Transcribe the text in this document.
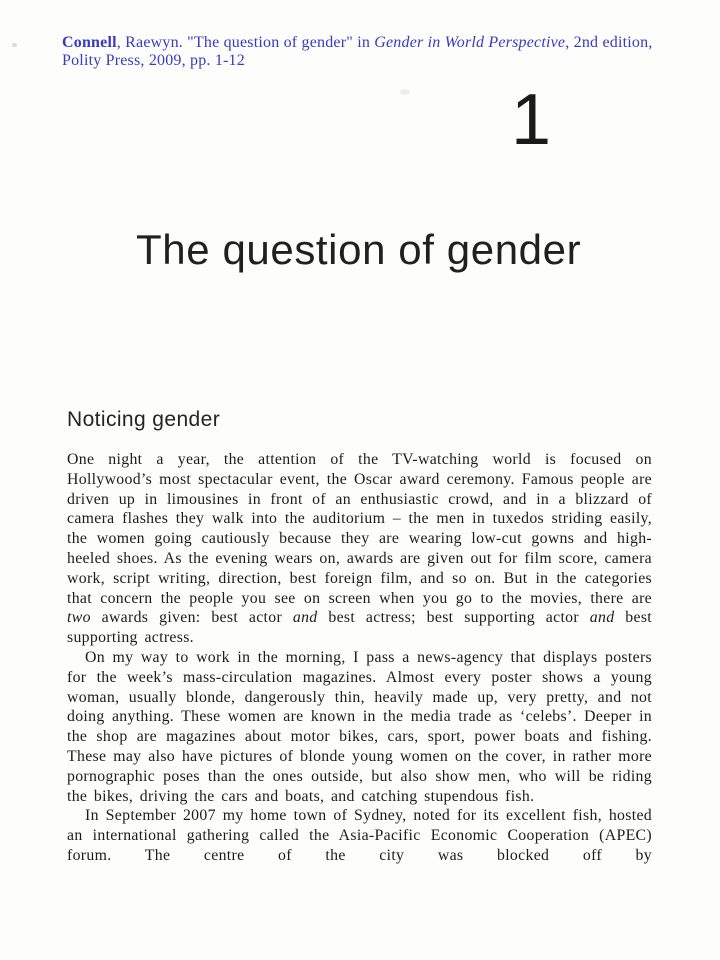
Connell, Raewyn. "The question of gender" in Gender in World Perspective, 2nd edition, Polity Press, 2009, pp. 1-12
1
The question of gender
Noticing gender

One night a year, the attention of the TV-watching world is focused on Hollywood’s most spectacular event, the Oscar award ceremony. Famous people are driven up in limousines in front of an enthusiastic crowd, and in a blizzard of camera flashes they walk into the auditorium – the men in tuxedos striding easily, the women going cautiously because they are wearing low-cut gowns and high-heeled shoes. As the evening wears on, awards are given out for film score, camera work, script writing, direction, best foreign film, and so on. But in the categories that concern the people you see on screen when you go to the movies, there are two awards given: best actor and best actress; best supporting actor and best supporting actress.

On my way to work in the morning, I pass a news-agency that displays posters for the week’s mass-circulation magazines. Almost every poster shows a young woman, usually blonde, dangerously thin, heavily made up, very pretty, and not doing anything. These women are known in the media trade as ‘celebs’. Deeper in the shop are magazines about motor bikes, cars, sport, power boats and fishing. These may also have pictures of blonde young women on the cover, in rather more pornographic poses than the ones outside, but also show men, who will be riding the bikes, driving the cars and boats, and catching stupendous fish.

In September 2007 my home town of Sydney, noted for its excellent fish, hosted an international gathering called the Asia-Pacific Economic Cooperation (APEC) forum. The centre of the city was blocked off by
